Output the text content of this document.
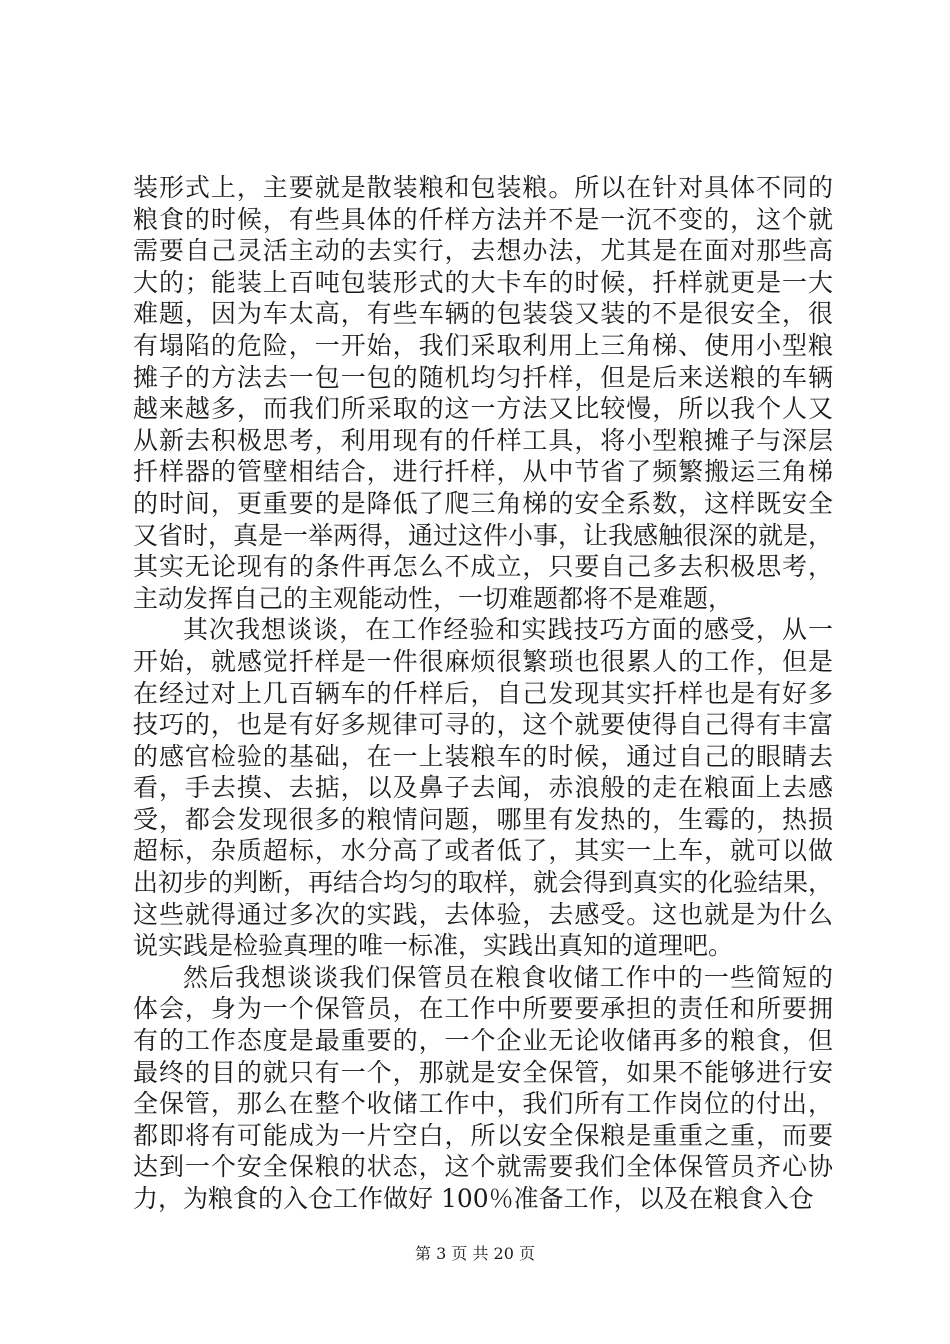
装形式上，主要就是散装粮和包装粮。所以在针对具体不同的
粮食的时候，有些具体的仟样方法并不是一沉不变的，这个就
需要自己灵活主动的去实行，去想办法，尤其是在面对那些高
大的；能装上百吨包装形式的大卡车的时候，扦样就更是一大
难题，因为车太高，有些车辆的包装袋又装的不是很安全，很
有塌陷的危险，一开始，我们采取利用上三角梯、使用小型粮
摊子的方法去一包一包的随机均匀扦样，但是后来送粮的车辆
越来越多，而我们所采取的这一方法又比较慢，所以我个人又
从新去积极思考，利用现有的仟样工具，将小型粮摊子与深层
扦样器的管壁相结合，进行扦样，从中节省了频繁搬运三角梯
的时间，更重要的是降低了爬三角梯的安全系数，这样既安全
又省时，真是一举两得，通过这件小事，让我感触很深的就是，
其实无论现有的条件再怎么不成立，只要自己多去积极思考，
主动发挥自己的主观能动性，一切难题都将不是难题，
其次我想谈谈，在工作经验和实践技巧方面的感受，从一
开始，就感觉扦样是一件很麻烦很繁琐也很累人的工作，但是
在经过对上几百辆车的仟样后，自己发现其实扦样也是有好多
技巧的，也是有好多规律可寻的，这个就要使得自己得有丰富
的感官检验的基础，在一上装粮车的时候，通过自己的眼睛去
看，手去摸、去掂，以及鼻子去闻，赤浪般的走在粮面上去感
受，都会发现很多的粮情问题，哪里有发热的，生霉的，热损
超标，杂质超标，水分高了或者低了，其实一上车，就可以做
出初步的判断，再结合均匀的取样，就会得到真实的化验结果，
这些就得通过多次的实践，去体验，去感受。这也就是为什么
说实践是检验真理的唯一标准，实践出真知的道理吧。
然后我想谈谈我们保管员在粮食收储工作中的一些简短的
体会，身为一个保管员，在工作中所要要承担的责任和所要拥
有的工作态度是最重要的，一个企业无论收储再多的粮食，但
最终的目的就只有一个，那就是安全保管，如果不能够进行安
全保管，那么在整个收储工作中，我们所有工作岗位的付出，
都即将有可能成为一片空白，所以安全保粮是重重之重，而要
达到一个安全保粮的状态，这个就需要我们全体保管员齐心协
力，为粮食的入仓工作做好 100％准备工作，以及在粮食入仓
第 3 页 共 20 页
